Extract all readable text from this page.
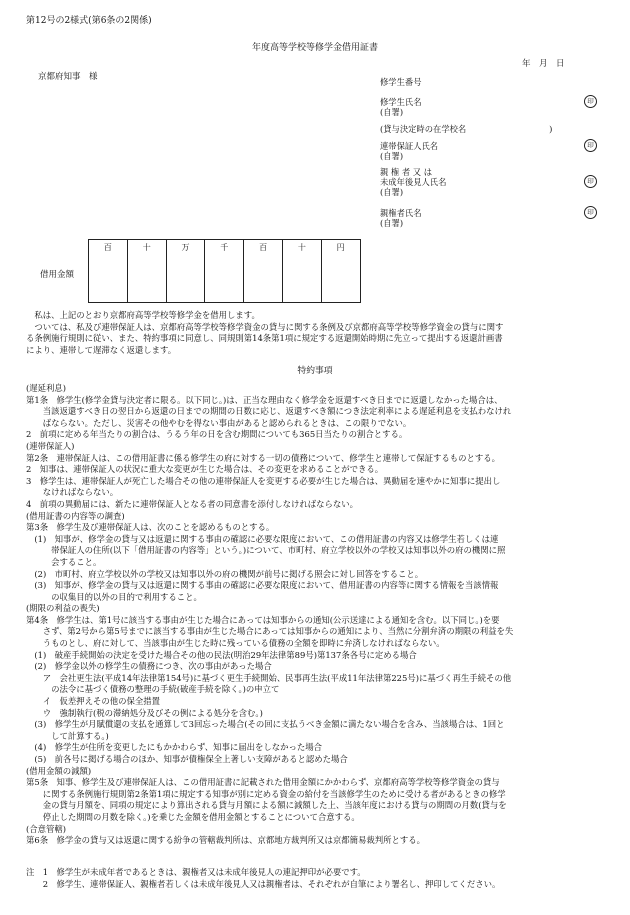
第12号の2様式(第6条の2関係)
年度高等学校等修学金借用証書
年　月　日
京都府知事　様	修学生番号
修学生氏名
(自署)
印
(貸与決定時の在学校名　　　　　　　　　　)
連帯保証人氏名
(自署)
印
親 権 者 又 は
未成年後見人氏名
(自署)
印
親権者氏名
(自署)
印
借用金額
百	十	万	千	百	十	円
　私は、上記のとおり京都府高等学校等修学金を借用します。
　ついては、私及び連帯保証人は、京都府高等学校等修学資金の貸与に関する条例及び京都府高等学校等修学資金の貸与に関す
る条例施行規則に従い、また、特約事項に同意し、同規則第14条第1項に規定する返還開始時期に先立って提出する返還計画書
により、連帯して遅滞なく返還します。
特約事項
(遅延利息)
第1条　修学生(修学金貸与決定者に限る。以下同じ。)は、正当な理由なく修学金を返還すべき日までに返還しなかった場合は、
　　当該返還すべき日の翌日から返還の日までの期間の日数に応じ、返還すべき額につき法定利率による遅延利息を支払わなけれ
　　ばならない。ただし、災害その他やむを得ない事由があると認められるときは、この限りでない。
2　前項に定める年当たりの割合は、うるう年の日を含む期間についても365日当たりの割合とする。
(連帯保証人)
第2条　連帯保証人は、この借用証書に係る修学生の府に対する一切の債務について、修学生と連帯して保証するものとする。
2　知事は、連帯保証人の状況に重大な変更が生じた場合は、その変更を求めることができる。
3　修学生は、連帯保証人が死亡した場合その他の連帯保証人を変更する必要が生じた場合は、異動届を速やかに知事に提出し
　　なければならない。
4　前項の異動届には、新たに連帯保証人となる者の同意書を添付しなければならない。
(借用証書の内容等の調査)
第3条　修学生及び連帯保証人は、次のことを認めるものとする。
　(1)　知事が、修学金の貸与又は返還に関する事由の確認に必要な限度において、この借用証書の内容又は修学生若しくは連
　　　帯保証人の住所(以下「借用証書の内容等」という。)について、市町村、府立学校以外の学校又は知事以外の府の機関に照
　　　会すること。
　(2)　市町村、府立学校以外の学校又は知事以外の府の機関が前号に掲げる照会に対し回答をすること。
　(3)　知事が、修学金の貸与又は返還に関する事由の確認に必要な限度において、借用証書の内容等に関する情報を当該情報
　　　の収集目的以外の目的で利用すること。
(期限の利益の喪失)
第4条　修学生は、第1号に該当する事由が生じた場合にあっては知事からの通知(公示送達による通知を含む。以下同じ。)を要
　　さず、第2号から第5号までに該当する事由が生じた場合にあっては知事からの通知により、当然に分割弁済の期限の利益を失
　　うものとし、府に対して、当該事由が生じた時に残っている債務の全額を即時に弁済しなければならない。
　(1)　破産手続開始の決定を受けた場合その他の民法(明治29年法律第89号)第137条各号に定める場合
　(2)　修学金以外の修学生の債務につき、次の事由があった場合
　　ア　会社更生法(平成14年法律第154号)に基づく更生手続開始、民事再生法(平成11年法律第225号)に基づく再生手続その他
　　　の法令に基づく債務の整理の手続(破産手続を除く。)の申立て
　　イ　仮差押えその他の保全措置
　　ウ　強制執行(税の滞納処分及びその例による処分を含む。)
　(3)　修学生が月賦償還の支払を通算して3回忘った場合(その回に支払うべき金額に満たない場合を含み、当該場合は、1回と
　　　して計算する。)
　(4)　修学生が住所を変更したにもかかわらず、知事に届出をしなかった場合
　(5)　前各号に掲げる場合のほか、知事が債権保全上著しい支障があると認めた場合
(借用金額の減額)
第5条　知事、修学生及び連帯保証人は、この借用証書に記載された借用金額にかかわらず、京都府高等学校等修学資金の貸与
　　に関する条例施行規則第2条第1項に規定する知事が別に定める資金の給付を当該修学生のために受ける者があるときの修学
　　金の貸与月額を、同項の規定により算出される貸与月額による額に減額した上、当該年度における貸与の期間の月数(貸与を
　　停止した期間の月数を除く。)を乗じた金額を借用金額とすることについて合意する。
(合意管轄)
第6条　修学金の貸与又は返還に関する紛争の管轄裁判所は、京都地方裁判所又は京都簡易裁判所とする。
注　1　修学生が未成年者であるときは、親権者又は未成年後見人の連記押印が必要です。
　　2　修学生、連帯保証人、親権者若しくは未成年後見人又は親権者は、それぞれが自筆により署名し、押印してください。
